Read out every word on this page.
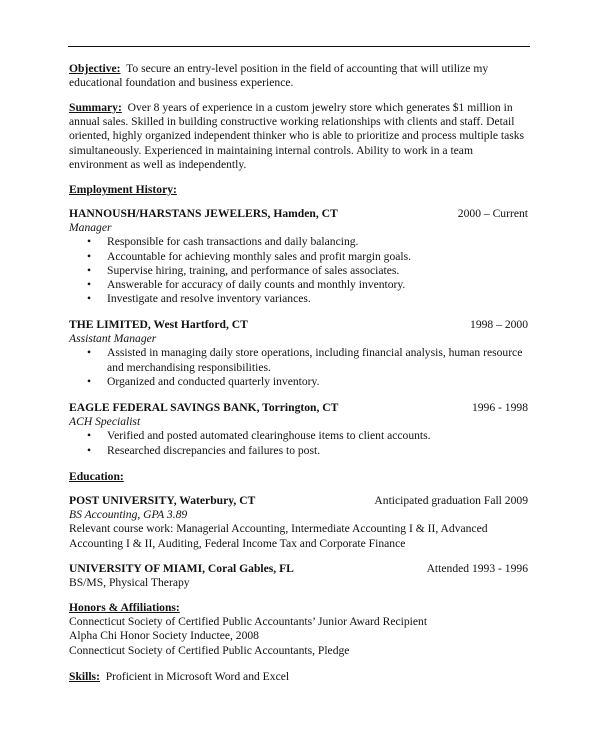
Objective: To secure an entry-level position in the field of accounting that will utilize my educational foundation and business experience.

Summary: Over 8 years of experience in a custom jewelry store which generates $1 million in annual sales. Skilled in building constructive working relationships with clients and staff. Detail oriented, highly organized independent thinker who is able to prioritize and process multiple tasks simultaneously. Experienced in maintaining internal controls. Ability to work in a team environment as well as independently.

Employment History:

HANNOUSH/HARSTANS JEWELERS, Hamden, CT	2000 – Current

Manager

• Responsible for cash transactions and daily balancing.
• Accountable for achieving monthly sales and profit margin goals.
• Supervise hiring, training, and performance of sales associates.
• Answerable for accuracy of daily counts and monthly inventory.
• Investigate and resolve inventory variances.
THE LIMITED, West Hartford, CT	1998 – 2000

Assistant Manager

• Assisted in managing daily store operations, including financial analysis, human resource and merchandising responsibilities.
• Organized and conducted quarterly inventory.
EAGLE FEDERAL SAVINGS BANK, Torrington, CT	1996 - 1998

ACH Specialist

• Verified and posted automated clearinghouse items to client accounts.
• Researched discrepancies and failures to post.

Education:

POST UNIVERSITY, Waterbury, CT	Anticipated graduation Fall 2009

BS Accounting, GPA 3.89

Relevant course work: Managerial Accounting, Intermediate Accounting I & II, Advanced Accounting I & II, Auditing, Federal Income Tax and Corporate Finance

UNIVERSITY OF MIAMI, Coral Gables, FL	Attended 1993 - 1996

BS/MS, Physical Therapy

Honors & Affiliations:

Connecticut Society of Certified Public Accountants’ Junior Award Recipient

Alpha Chi Honor Society Inductee, 2008

Connecticut Society of Certified Public Accountants, Pledge

Skills: Proficient in Microsoft Word and Excel
